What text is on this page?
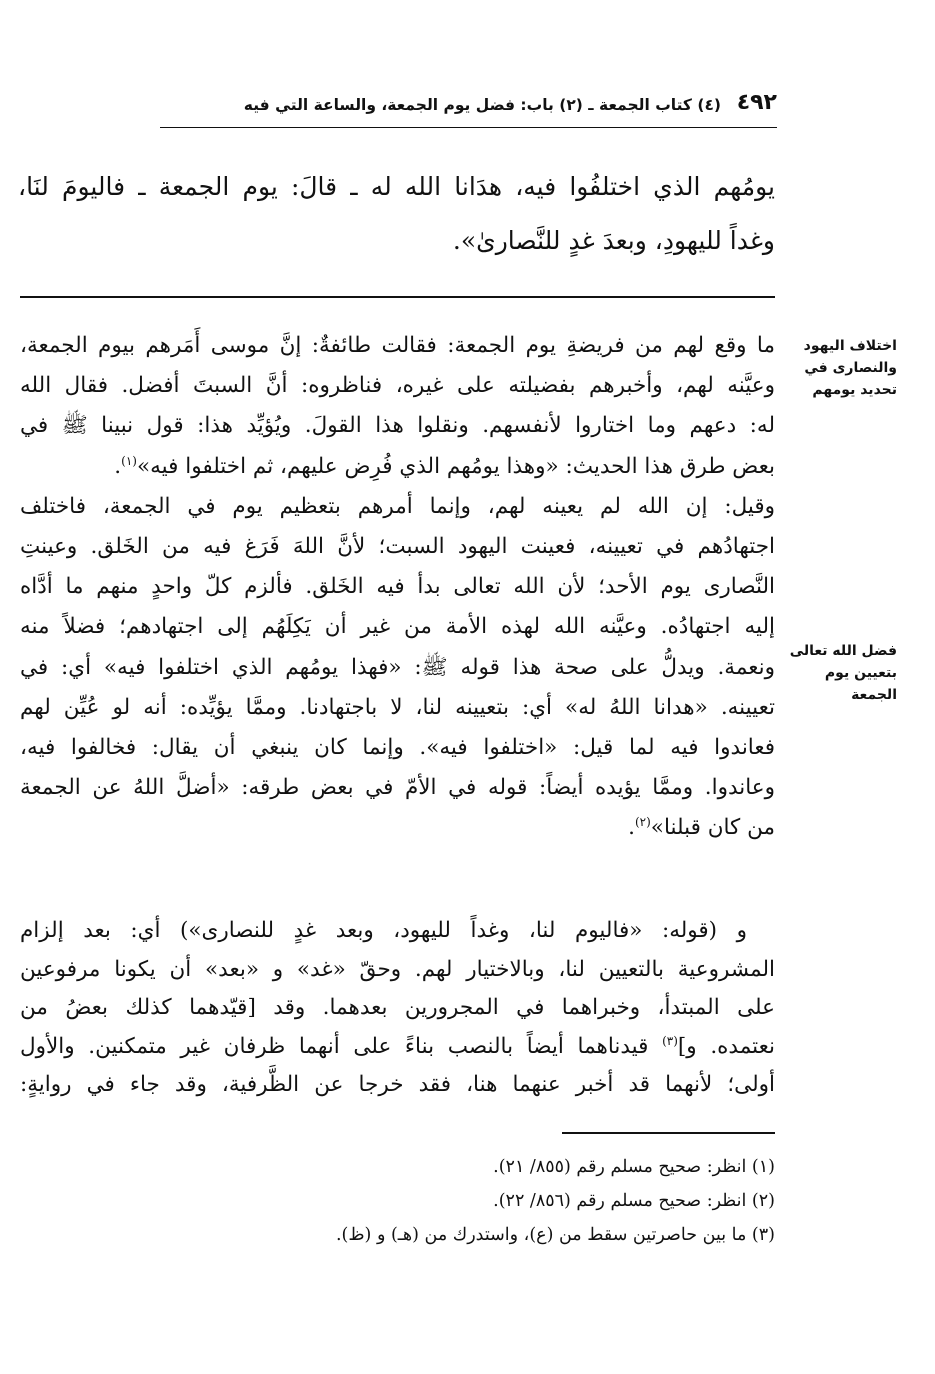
(٤) كتاب الجمعة ـ (٢) باب: فضل يوم الجمعة، والساعة التي فيه ٤٩٢
يومُهم الذي اختلفُوا فيه، هدَانا الله له ـ قالَ: يوم الجمعة ـ فاليومَ لنَا،
وغداً لليهودِ، وبعدَ غدٍ للنَّصارىٰ».
اختلاف اليهود
والنصارى في
تحديد يومهم
فضل الله تعالى
بتعيين يوم
الجمعة
ما وقع لهم من فريضةِ يوم الجمعة: فقالت طائفةٌ: إنَّ موسى أَمَرهم بيوم الجمعة،
وعيَّنه لهم، وأخبرهم بفضيلته على غيره، فناظروه: أنَّ السبتَ أفضل. فقال الله
له: دعهم وما اختاروا لأنفسهم. ونقلوا هذا القولَ. ويُؤيِّد هذا: قول نبينا ﷺ في
بعض طرق هذا الحديث: «وهذا يومُهم الذي فُرِض عليهم، ثم اختلفوا فيه»$^{(١)}$.
وقيل: إن الله لم يعينه لهم، وإنما أمرهم بتعظيم يوم في الجمعة، فاختلف
اجتهادُهم في تعيينه، فعينت اليهود السبت؛ لأنَّ اللهَ فَرَغ فيه من الخَلق. وعينتِ
النَّصارى يوم الأحد؛ لأن الله تعالى بدأ فيه الخَلق. فألزم كلّ واحدٍ منهم ما أدَّاه
إليه اجتهادُه. وعيَّنه الله لهذه الأمة من غير أن يَكِلَهُم إلى اجتهادهم؛ فضلاً منه
ونعمة. ويدلُّ على صحة هذا قوله ﷺ: «فهذا يومُهم الذي اختلفوا فيه» أي: في
تعيينه. «هدانا اللهُ له» أي: بتعيينه لنا، لا باجتهادنا. وممَّا يؤيِّده: أنه لو عُيِّن لهم
فعاندوا فيه لما قيل: «اختلفوا فيه». وإنما كان ينبغي أن يقال: فخالفوا فيه،
وعاندوا. وممَّا يؤيده أيضاً: قوله في الأمّ في بعض طرقه: «أضلَّ اللهُ عن الجمعة
من كان قبلنا»$^{(٢)}$.
و (قوله: «فاليوم لنا، وغداً لليهود، وبعد غدٍ للنصارى») أي: بعد إلزام
المشروعية بالتعيين لنا، وبالاختيار لهم. وحقّ «غد» و «بعد» أن يكونا مرفوعين
على المبتدأ، وخبراهما في المجرورين بعدهما. وقد [قيّدهما كذلك بعضُ من
نعتمده. و]$^{(٣)}$ قيدناهما أيضاً بالنصب بناءً على أنهما ظرفان غير متمكنين. والأول
أولى؛ لأنهما قد أخبر عنهما هنا، فقد خرجا عن الظَّرفية، وقد جاء في روايةٍ:
(١) انظر: صحيح مسلم رقم (٨٥٥/ ٢١).
(٢) انظر: صحيح مسلم رقم (٨٥٦/ ٢٢).
(٣) ما بين حاصرتين سقط من (ع)، واستدرك من (هـ) و (ظ).
